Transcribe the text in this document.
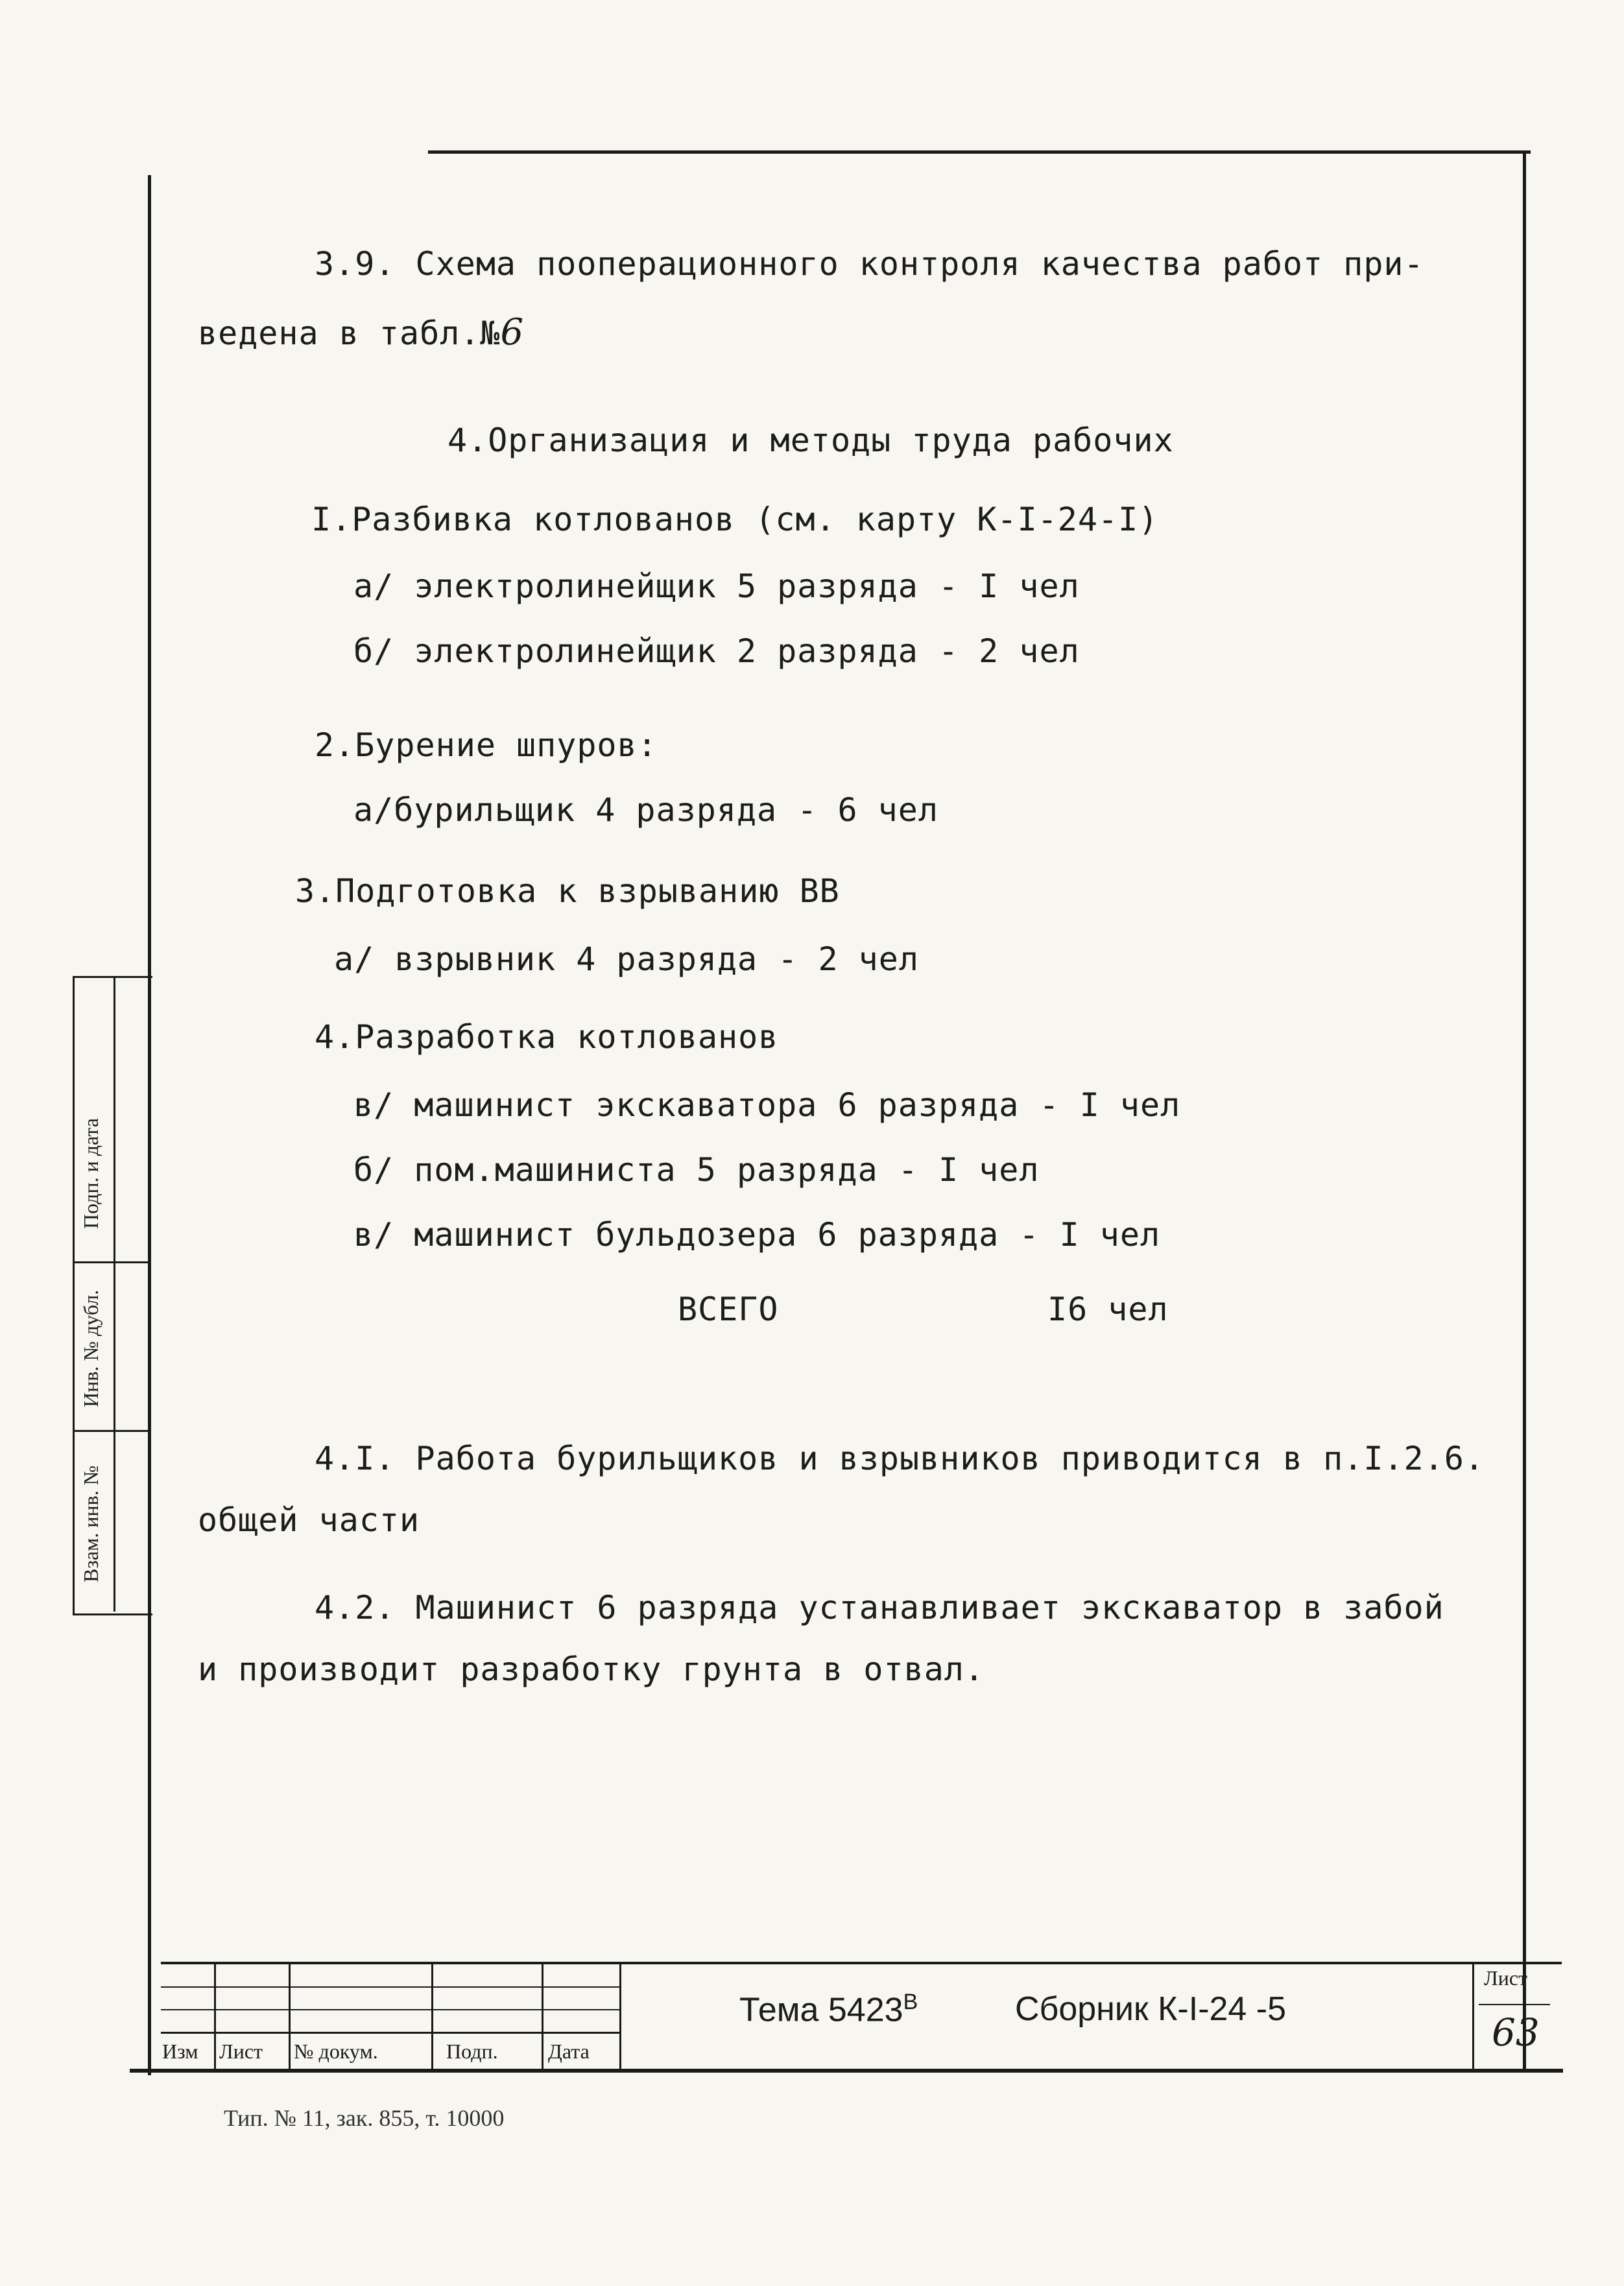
3.9. Схема пооперационного контроля качества работ при-
ведена в табл.№6
4.Организация и методы труда рабочих
I.Разбивка котлованов (см. карту К-I-24-I)
а/ электролинейщик 5 разряда - I чел
б/ электролинейщик 2 разряда - 2 чел
2.Бурение шпуров:
а/бурильщик 4 разряда - 6 чел
3.Подготовка к взрыванию ВВ
а/ взрывник 4 разряда - 2 чел
4.Разработка котлованов
в/ машинист экскаватора 6 разряда - I чел
б/ пом.машиниста 5 разряда - I чел
в/ машинист бульдозера 6 разряда - I чел
ВСЕГО	I6 чел
4.I. Работа бурильщиков и взрывников приводится в п.I.2.6.
общей части
4.2. Машинист 6 разряда устанавливает экскаватор в забой
и производит разработку грунта в отвал.
Подп. и дата
Инв. № дубл.
Взам. инв. №
Изм Лист № докум.	Подп. Дата
Тема $5423^В$	Сборник К-I-24 -5
Лист
63
Тип. № 11, зак. 855, т. 10000
